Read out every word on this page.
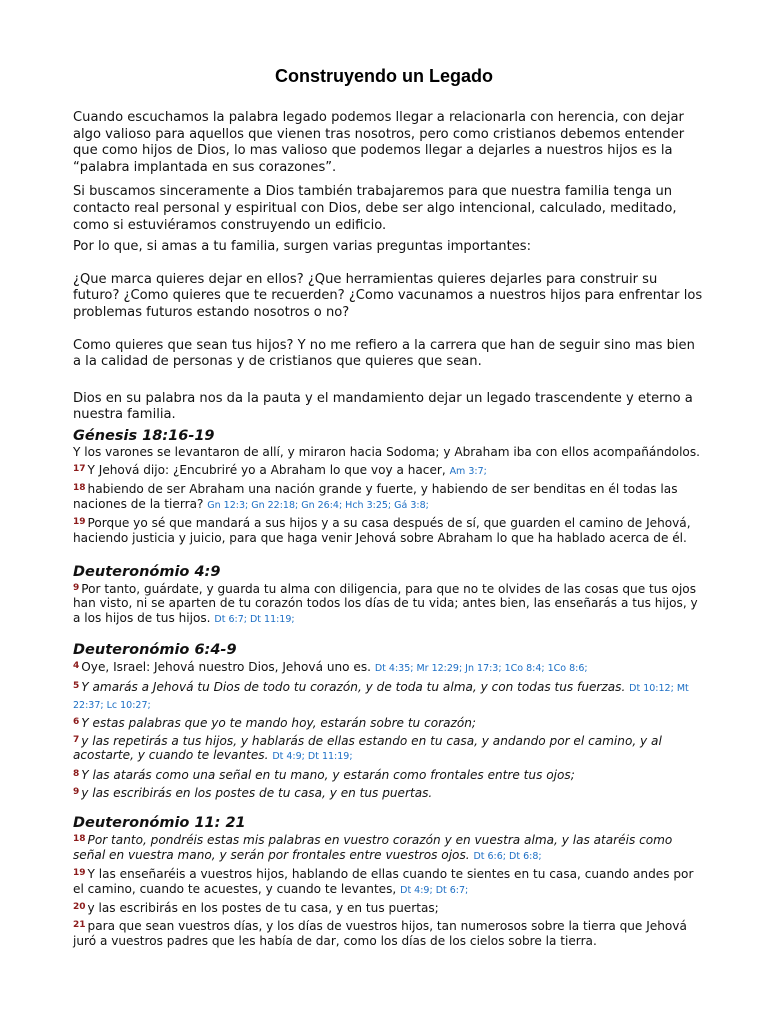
Construyendo un Legado

Cuando escuchamos la palabra legado podemos llegar a relacionarla con herencia, con dejar algo valioso para aquellos que vienen tras nosotros, pero como cristianos debemos entender que como hijos de Dios, lo mas valioso que podemos llegar a dejarles a nuestros hijos es la “palabra implantada en sus corazones”.

Si buscamos sinceramente a Dios también trabajaremos para que nuestra familia tenga un contacto real personal y espiritual con Dios, debe ser algo intencional, calculado, meditado, como si estuviéramos construyendo un edificio.

Por lo que, si amas a tu familia, surgen varias preguntas importantes:

¿Que marca quieres dejar en ellos? ¿Que herramientas quieres dejarles para construir su futuro? ¿Como quieres que te recuerden? ¿Como vacunamos a nuestros hijos para enfrentar los problemas futuros estando nosotros o no?

Como quieres que sean tus hijos? Y no me refiero a la carrera que han de seguir sino mas bien a la calidad de personas y de cristianos que quieres que sean.

Dios en su palabra nos da la pauta y el mandamiento dejar un legado trascendente y eterno a nuestra familia.

Génesis 18:16-19

Y los varones se levantaron de allí, y miraron hacia Sodoma; y Abraham iba con ellos acompañándolos.

$^{17}$ Y Jehová dijo: ¿Encubriré yo a Abraham lo que voy a hacer, Am 3:7;

$^{18}$ habiendo de ser Abraham una nación grande y fuerte, y habiendo de ser benditas en él todas las naciones de la tierra? Gn 12:3; Gn 22:18; Gn 26:4; Hch 3:25; Gá 3:8;

$^{19}$ Porque yo sé que mandará a sus hijos y a su casa después de sí, que guarden el camino de Jehová, haciendo justicia y juicio, para que haga venir Jehová sobre Abraham lo que ha hablado acerca de él.

Deuteronómio 4:9

$^9$ Por tanto, guárdate, y guarda tu alma con diligencia, para que no te olvides de las cosas que tus ojos han visto, ni se aparten de tu corazón todos los días de tu vida; antes bien, las enseñarás a tus hijos, y a los hijos de tus hijos. Dt 6:7; Dt 11:19;

Deuteronómio 6:4-9

$^4$ Oye, Israel: Jehová nuestro Dios, Jehová uno es. Dt 4:35; Mr 12:29; Jn 17:3; 1Co 8:4; 1Co 8:6;

$^5$ Y amarás a Jehová tu Dios de todo tu corazón, y de toda tu alma, y con todas tus fuerzas. Dt 10:12; Mt 22:37; Lc 10:27;

$^6$ Y estas palabras que yo te mando hoy, estarán sobre tu corazón;

$^7$ y las repetirás a tus hijos, y hablarás de ellas estando en tu casa, y andando por el camino, y al acostarte, y cuando te levantes. Dt 4:9; Dt 11:19;

$^8$ Y las atarás como una señal en tu mano, y estarán como frontales entre tus ojos;

$^9$ y las escribirás en los postes de tu casa, y en tus puertas.

Deuteronómio 11: 21

$^{18}$ Por tanto, pondréis estas mis palabras en vuestro corazón y en vuestra alma, y las ataréis como señal en vuestra mano, y serán por frontales entre vuestros ojos. Dt 6:6; Dt 6:8;

$^{19}$ Y las enseñaréis a vuestros hijos, hablando de ellas cuando te sientes en tu casa, cuando andes por el camino, cuando te acuestes, y cuando te levantes, Dt 4:9; Dt 6:7;

$^{20}$ y las escribirás en los postes de tu casa, y en tus puertas;

$^{21}$ para que sean vuestros días, y los días de vuestros hijos, tan numerosos sobre la tierra que Jehová juró a vuestros padres que les había de dar, como los días de los cielos sobre la tierra.
